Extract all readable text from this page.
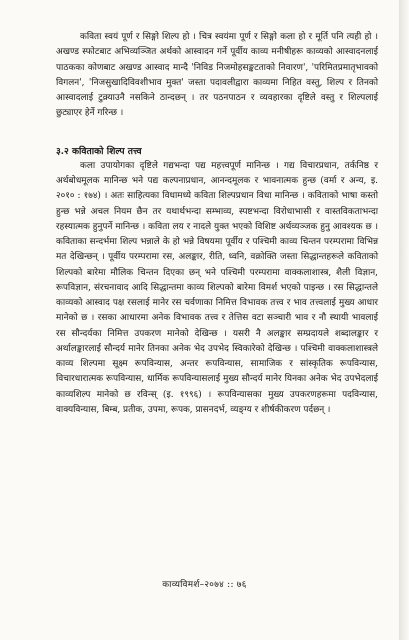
कविता स्वयं पूर्ण र सिङ्गो शिल्प हो । चित्र स्वयंमा पूर्ण र सिङ्गो कला हो र मूर्ति पनि त्यही हो । अखण्ड स्फोटबाट अभिव्यञ्जित अर्थको आस्वादन गर्ने पूर्वीय काव्य मनीषीहरू काव्यको आस्वादनलाई पाठकका कोणबाट अखण्ड आस्वाद मान्दै 'निविड निजमोहसङ्कटताको निवारण', 'परिमितप्रमातृभावको विगलन', 'निजसुखादिविवशीभाव मुक्त' जस्ता पदावलीद्वारा काव्यमा निहित वस्तु, शिल्प र तिनको आस्वादलाई टुक्र्याउनै नसकिने ठान्दछन् । तर पठनपाठन र व्यवहारका दृष्टिले वस्तु र शिल्पलाई छुट्याएर हेर्ने गरिन्छ ।

३.२ कविताको शिल्प तत्त्व

कला उपायोगका दृष्टिले गद्यभन्दा पद्य महत्त्वपूर्ण मानिन्छ । गद्य विचारप्रधान, तर्कनिष्ठ र अर्थबोधमूलक मानिन्छ भने पद्य कल्पनाप्रधान, आनन्दमूलक र भावनात्मक हुन्छ (वर्मा र अन्य, इ. २०१० : १७४) । अतः साहित्यका विधामध्ये कविता शिल्पप्रधान विधा मानिन्छ । कविताको भाषा कस्तो हुन्छ भन्ने अचल नियम छैन तर यथार्थभन्दा सम्भाव्य, स्पष्टभन्दा विरोधाभासी र वास्तविकताभन्दा रहस्यात्मक हुनुपर्ने मानिन्छ । कविता लय र नादले युक्त भएको विशिष्ट अर्थव्यञ्जक हुनु आवश्यक छ । कविताका सन्दर्भमा शिल्प भन्नाले के हो भन्ने विषयमा पूर्वीय र पश्चिमी काव्य चिन्तन परम्परामा विभिन्न मत देखिन्छन् । पूर्वीय परम्परामा रस, अलङ्कार, रीति, ध्वनि, वक्रोक्ति जस्ता सिद्धान्तहरूले कविताको शिल्पको बारेमा मौलिक चिन्तन दिएका छन् भने पश्चिमी परम्परामा वाक्कलाशास्त्र, शैली विज्ञान, रूपविज्ञान, संरचनावाद आदि सिद्धान्तमा काव्य शिल्पको बारेमा विमर्श भएको पाइन्छ । रस सिद्धान्तले काव्यको आस्वाद पक्ष रसलाई मानेर रस चर्वणाका निमित्त विभावक तत्त्व र भाव तत्त्वलाई मुख्य आधार मानेको छ । रसका आधारमा अनेक विभावक तत्त्व र तेत्तिस वटा सञ्चारी भाव र नौ स्थायी भावलाई रस सौन्दर्यका निमित्त उपकरण मानेको देखिन्छ । यसरी नै अलङ्कार सम्प्रदायले शब्दालङ्कार र अर्थालङ्कारलाई सौन्दर्य मानेर तिनका अनेक भेद उपभेद स्विकारेको देखिन्छ । पश्चिमी वाक्कलाशास्त्रले काव्य शिल्पमा सूक्ष्म रूपविन्यास, अन्तर रूपविन्यास, सामाजिक र सांस्कृतिक रूपविन्यास, विचारधारात्मक रूपविन्यास, धार्मिक रूपविन्यासलाई मुख्य सौन्दर्य मानेर यिनका अनेक भेद उपभेदलाई काव्यशिल्प मानेको छ रविन्स् (इ. १९९६) । रूपविन्यासका मुख्य उपकरणहरूमा पदविन्यास, वाक्यविन्यास, बिम्ब, प्रतीक, उपमा, रूपक, प्रासनदर्भ, व्यङ्ग्य र शीर्षकीकरण पर्दछन् ।

काव्यविमर्श–२०७४ :: ७६
